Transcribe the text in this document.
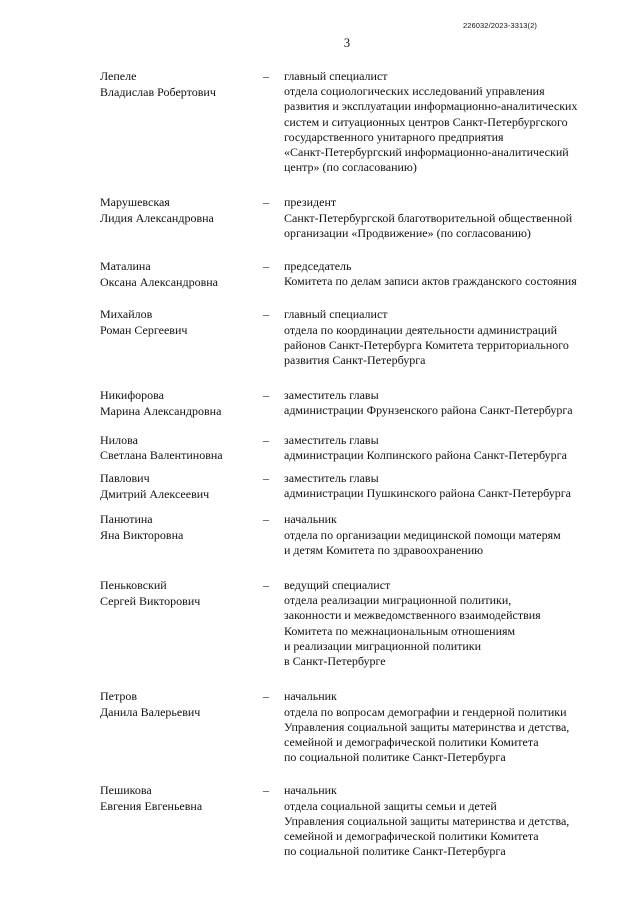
226032/2023-3313(2)
3
Лепеле
Владислав Робертович
– главный специалист
отдела социологических исследований управления
развития и эксплуатации информационно-аналитических
систем и ситуационных центров Санкт-Петербургского
государственного унитарного предприятия
«Санкт-Петербургский информационно-аналитический
центр» (по согласованию)
Марушевская
Лидия Александровна
– президент
Санкт-Петербургской благотворительной общественной
организации «Продвижение» (по согласованию)
Маталина
Оксана Александровна
– председатель
Комитета по делам записи актов гражданского состояния
Михайлов
Роман Сергеевич
– главный специалист
отдела по координации деятельности администраций
районов Санкт-Петербурга Комитета территориального
развития Санкт-Петербурга
Никифорова
Марина Александровна
– заместитель главы
администрации Фрунзенского района Санкт-Петербурга
Нилова
Светлана Валентиновна
– заместитель главы
администрации Колпинского района Санкт-Петербурга
Павлович
Дмитрий Алексеевич
– заместитель главы
администрации Пушкинского района Санкт-Петербурга
Панютина
Яна Викторовна
– начальник
отдела по организации медицинской помощи матерям
и детям Комитета по здравоохранению
Пеньковский
Сергей Викторович
– ведущий специалист
отдела реализации миграционной политики,
законности и межведомственного взаимодействия
Комитета по межнациональным отношениям
и реализации миграционной политики
в Санкт-Петербурге
Петров
Данила Валерьевич
– начальник
отдела по вопросам демографии и гендерной политики
Управления социальной защиты материнства и детства,
семейной и демографической политики Комитета
по социальной политике Санкт-Петербурга
Пешикова
Евгения Евгеньевна
– начальник
отдела социальной защиты семьи и детей
Управления социальной защиты материнства и детства,
семейной и демографической политики Комитета
по социальной политике Санкт-Петербурга
